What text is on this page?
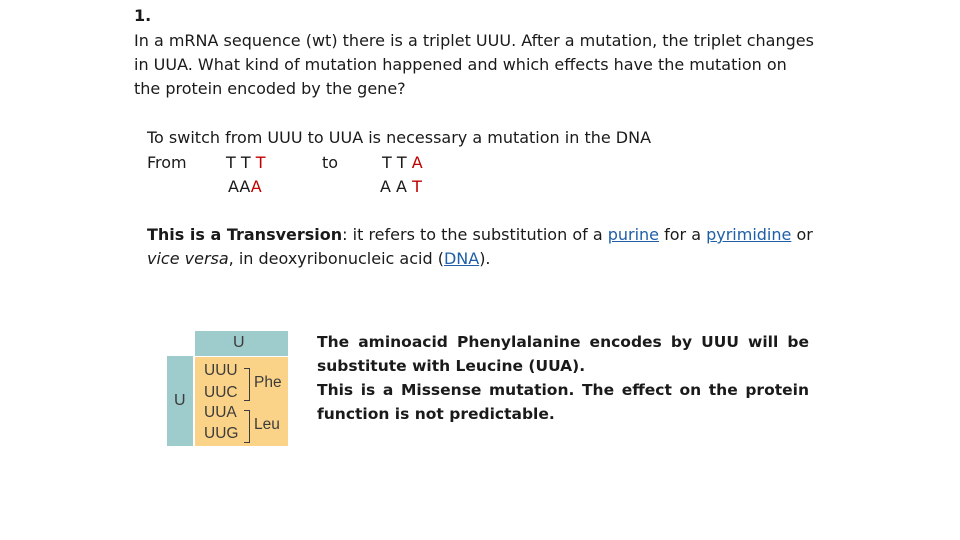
1.
In a mRNA sequence (wt) there is a triplet UUU. After a mutation, the triplet changes
in UUA. What kind of mutation happened and which effects have the mutation on
the protein encoded by the gene?
To switch from UUU to UUA is necessary a mutation in the DNA
From T T T
AAA
to	T T A
A A T
This is a Transversion: it refers to the substitution of a purine for a pyrimidine or
vice versa, in deoxyribonucleic acid (DNA).
U
U
UUU
UUC
UUA
UUG
Phe
Leu
The aminoacid Phenylalanine encodes by UUU will be
substitute with Leucine (UUA).
This is a Missense mutation. The effect on the protein
function is not predictable.
